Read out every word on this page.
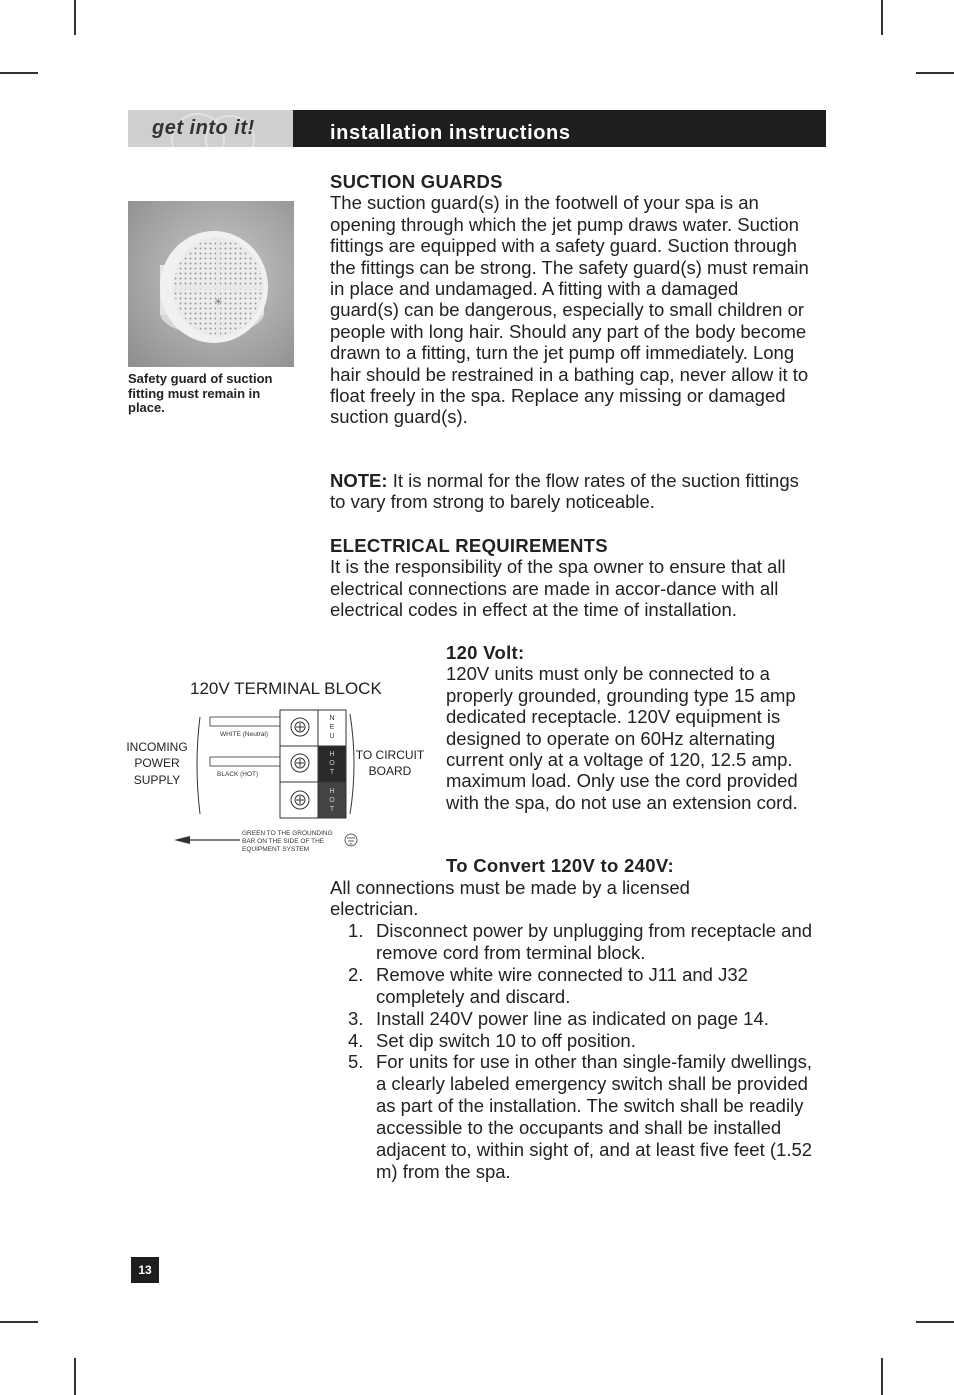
get into it!	installation instructions
✳
Safety guard of suction fitting must remain in place.
SUCTION GUARDS

The suction guard(s) in the footwell of your spa is an opening through which the jet pump draws water. Suction fittings are equipped with a safety guard. Suction through the fittings can be strong. The safety guard(s) must remain in place and undamaged. A fitting with a damaged guard(s) can be dangerous, especially to small children or people with long hair. Should any part of the body become drawn to a fitting, turn the jet pump off immediately. Long hair should be restrained in a bathing cap, never allow it to float freely in the spa. Replace any missing or damaged suction guard(s).

NOTE: It is normal for the flow rates of the suction fittings to vary from strong to barely noticeable.

ELECTRICAL REQUIREMENTS

It is the responsibility of the spa owner to ensure that all electrical connections are made in accor-dance with all electrical codes in effect at the time of installation.

120 Volt:

120V units must only be connected to a properly grounded, grounding type 15 amp dedicated receptacle. 120V equipment is designed to operate on 60Hz alternating current only at a voltage of 120, 12.5 amp. maximum load. Only use the cord provided with the spa, do not use an extension cord.

To Convert 120V to 240V:

All connections must be made by a licensed electrician.

1. Disconnect power by unplugging from receptacle and remove cord from terminal block.
2. Remove white wire connected to J11 and J32 completely and discard.
3. Install 240V power line as indicated on page 14.
4. Set dip switch 10 to off position.
5. For units for use in other than single-family dwellings, a clearly labeled emergency switch shall be provided as part of the installation. The switch shall be readily accessible to the occupants and shall be installed adjacent to, within sight of, and at least five feet (1.52 m) from the spa.
120V TERMINAL BLOCK
INCOMING
POWER
SUPPLY
WHITE (Neutral)
BLACK (HOT)
N
E
U
H
O
T
H
O
T
TO CIRCUIT
BOARD
GREEN TO THE GROUNDING
BAR ON THE SIDE OF THE
EQUIPMENT SYSTEM
13
